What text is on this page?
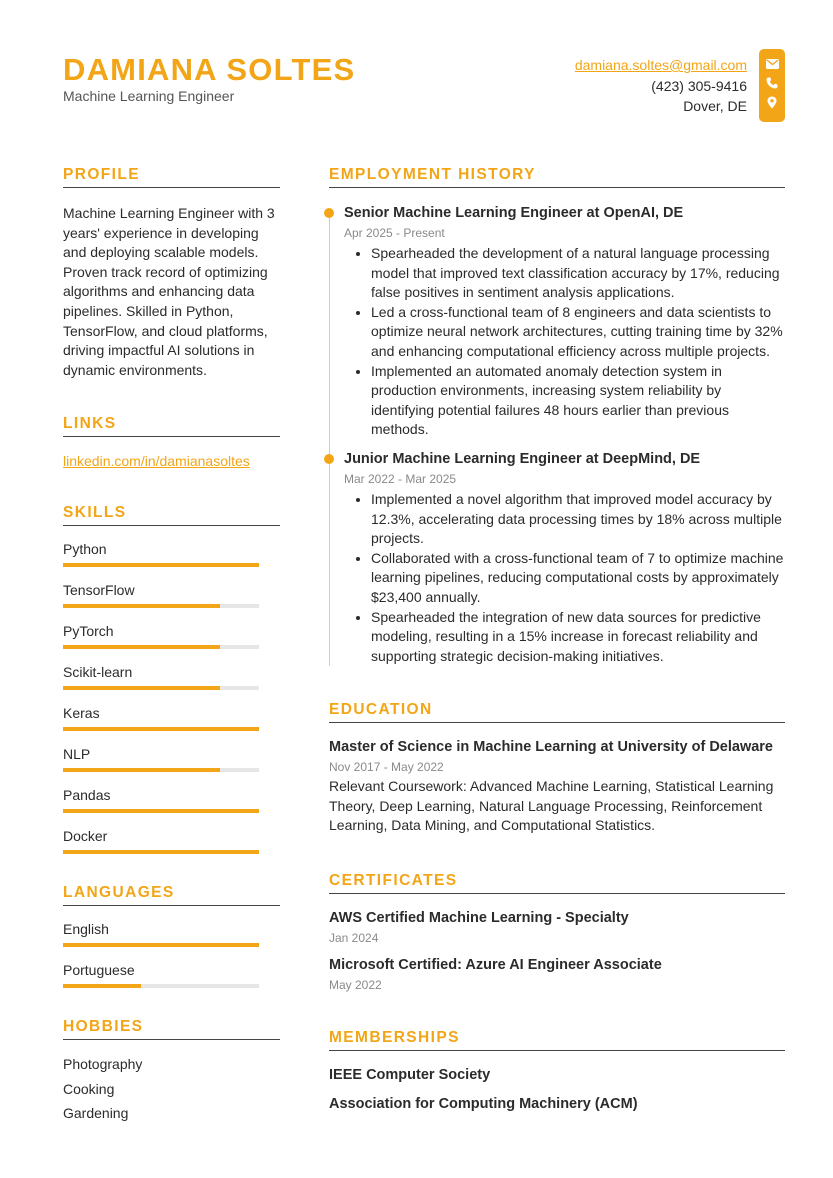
DAMIANA SOLTES
Machine Learning Engineer
damiana.soltes@gmail.com
(423) 305-9416
Dover, DE
PROFILE
Machine Learning Engineer with 3 years' experience in developing and deploying scalable models. Proven track record of optimizing algorithms and enhancing data pipelines. Skilled in Python, TensorFlow, and cloud platforms, driving impactful AI solutions in dynamic environments.
LINKS
linkedin.com/in/damianasoltes
SKILLS
Python
TensorFlow
PyTorch
Scikit-learn
Keras
NLP
Pandas
Docker
LANGUAGES
English
Portuguese
HOBBIES
Photography
Cooking
Gardening
EMPLOYMENT HISTORY
Senior Machine Learning Engineer at OpenAI, DE
Apr 2025 - Present
• Spearheaded the development of a natural language processing model that improved text classification accuracy by 17%, reducing false positives in sentiment analysis applications.
• Led a cross-functional team of 8 engineers and data scientists to optimize neural network architectures, cutting training time by 32% and enhancing computational efficiency across multiple projects.
• Implemented an automated anomaly detection system in production environments, increasing system reliability by identifying potential failures 48 hours earlier than previous methods.
Junior Machine Learning Engineer at DeepMind, DE
Mar 2022 - Mar 2025
• Implemented a novel algorithm that improved model accuracy by 12.3%, accelerating data processing times by 18% across multiple projects.
• Collaborated with a cross-functional team of 7 to optimize machine learning pipelines, reducing computational costs by approximately $23,400 annually.
• Spearheaded the integration of new data sources for predictive modeling, resulting in a 15% increase in forecast reliability and supporting strategic decision-making initiatives.
EDUCATION
Master of Science in Machine Learning at University of Delaware
Nov 2017 - May 2022
Relevant Coursework: Advanced Machine Learning, Statistical Learning Theory, Deep Learning, Natural Language Processing, Reinforcement Learning, Data Mining, and Computational Statistics.
CERTIFICATES
AWS Certified Machine Learning - Specialty
Jan 2024
Microsoft Certified: Azure AI Engineer Associate
May 2022
MEMBERSHIPS
IEEE Computer Society
Association for Computing Machinery (ACM)
